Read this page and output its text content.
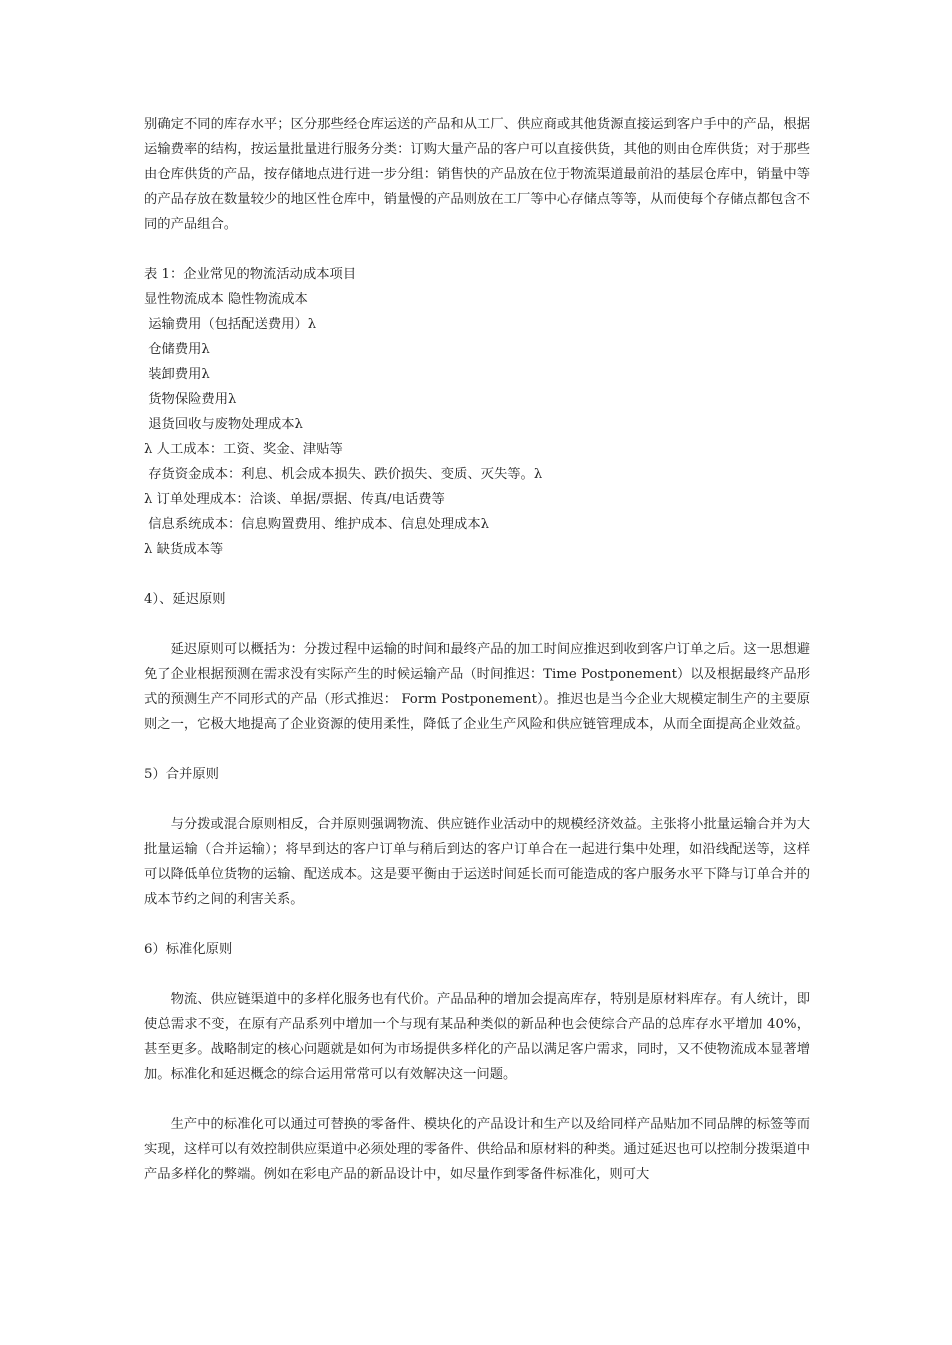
别确定不同的库存水平；区分那些经仓库运送的产品和从工厂、供应商或其他货源直接运到客户手中的产品，根据运输费率的结构，按运量批量进行服务分类：订购大量产品的客户可以直接供货，其他的则由仓库供货；对于那些由仓库供货的产品，按存储地点进行进一步分组：销售快的产品放在位于物流渠道最前沿的基层仓库中，销量中等的产品存放在数量较少的地区性仓库中，销量慢的产品则放在工厂等中心存储点等等，从而使每个存储点都包含不同的产品组合。

表 1：企业常见的物流活动成本项目

显性物流成本 隐性物流成本

运输费用（包括配送费用）λ

仓储费用λ

装卸费用λ

货物保险费用λ

退货回收与废物处理成本λ

λ 人工成本：工资、奖金、津贴等

存货资金成本：利息、机会成本损失、跌价损失、变质、灭失等。λ

λ 订单处理成本：洽谈、单据/票据、传真/电话费等

信息系统成本：信息购置费用、维护成本、信息处理成本λ

λ 缺货成本等

4）、延迟原则

延迟原则可以概括为：分拨过程中运输的时间和最终产品的加工时间应推迟到收到客户订单之后。这一思想避免了企业根据预测在需求没有实际产生的时候运输产品（时间推迟：Time Postponement）以及根据最终产品形式的预测生产不同形式的产品（形式推迟： Form Postponement）。推迟也是当今企业大规模定制生产的主要原则之一，它极大地提高了企业资源的使用柔性，降低了企业生产风险和供应链管理成本，从而全面提高企业效益。

5）合并原则

与分拨或混合原则相反，合并原则强调物流、供应链作业活动中的规模经济效益。主张将小批量运输合并为大批量运输（合并运输）；将早到达的客户订单与稍后到达的客户订单合在一起进行集中处理，如沿线配送等，这样可以降低单位货物的运输、配送成本。这是要平衡由于运送时间延长而可能造成的客户服务水平下降与订单合并的成本节约之间的利害关系。

6）标准化原则

物流、供应链渠道中的多样化服务也有代价。产品品种的增加会提高库存，特别是原材料库存。有人统计，即使总需求不变，在原有产品系列中增加一个与现有某品种类似的新品种也会使综合产品的总库存水平增加 40%，甚至更多。战略制定的核心问题就是如何为市场提供多样化的产品以满足客户需求，同时，又不使物流成本显著增加。标准化和延迟概念的综合运用常常可以有效解决这一问题。

生产中的标准化可以通过可替换的零备件、模块化的产品设计和生产以及给同样产品贴加不同品牌的标签等而实现，这样可以有效控制供应渠道中必须处理的零备件、供给品和原材料的种类。通过延迟也可以控制分拨渠道中产品多样化的弊端。例如在彩电产品的新品设计中，如尽量作到零备件标准化，则可大
